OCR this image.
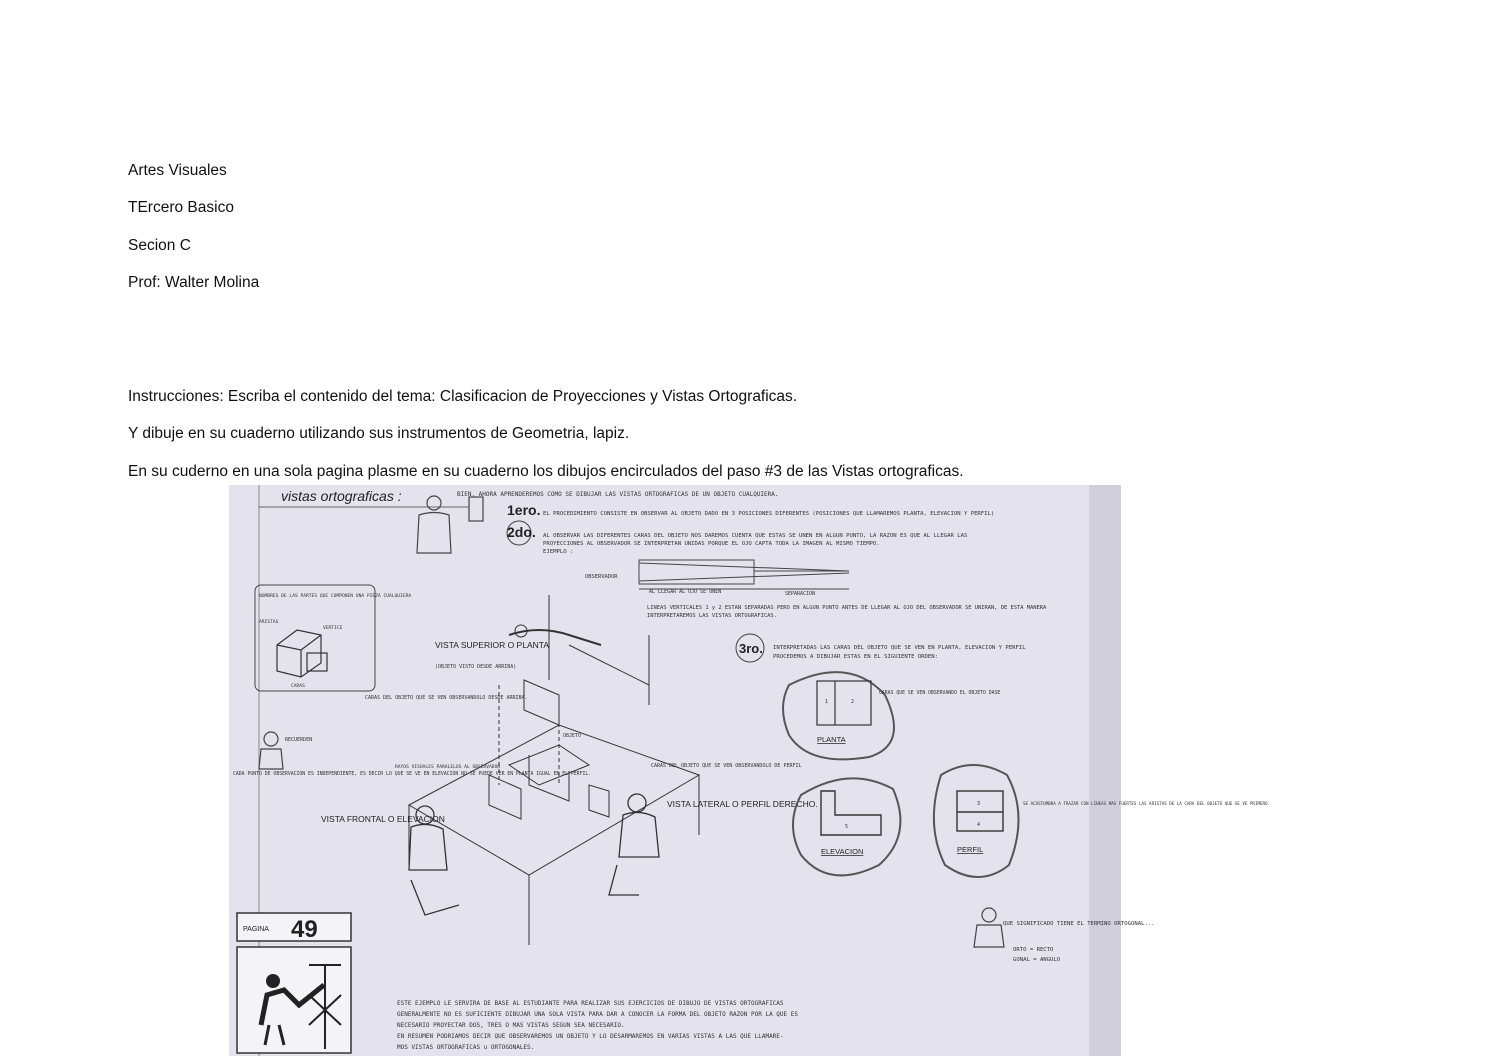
Artes Visuales
TErcero Basico
Secion C
Prof: Walter Molina
Instrucciones: Escriba el contenido del tema: Clasificacion de Proyecciones y Vistas Ortograficas.
Y dibuje en su cuaderno utilizando sus instrumentos de Geometria, lapiz.
En su cuderno en una sola pagina plasme en su cuaderno los dibujos encirculados del paso #3 de las Vistas ortograficas.
vistas ortograficas :	BIEN, AHORA APRENDEREMOS COMO SE DIBUJAR LAS VISTAS ORTOGRAFICAS DE UN OBJETO CUALQUIERA.
1ero. EL PROCEDIMIENTO CONSISTE EN OBSERVAR AL OBJETO DADO EN 3 POSICIONES DIFERENTES (POSICIONES QUE LLAMAREMOS PLANTA, ELEVACION Y PERFIL)
2do. AL OBSERVAR LAS DIFERENTES CARAS DEL OBJETO NOS DAREMOS CUENTA QUE ESTAS SE UNEN EN ALGUN PUNTO, LA RAZON ES QUE AL LLEGAR LAS
PROYECCIONES AL OBSERVADOR SE INTERPRETAN UNIDAS PORQUE EL OJO CAPTA TODA LA IMAGEN AL MISMO TIEMPO.
EJEMPLO :
OBSERVADOR
AL LLEGAR AL OJO SE UNEN	SEPARACION
LINEAS VERTICALES 1 y 2 ESTAN SEPARADAS PERO EN ALGUN PUNTO ANTES DE LLEGAR AL OJO DEL OBSERVADOR SE UNIRAN, DE ESTA MANERA
INTERPRETAREMOS LAS VISTAS ORTOGRAFICAS.
NOMBRES DE LAS PARTES QUE COMPONEN UNA PIEZA CUALQUIERA
ARISTAS
VERTICE
CARAS
3ro. INTERPRETADAS LAS CARAS DEL OBJETO QUE SE VEN EN PLANTA, ELEVACION Y PERFIL
PROCEDEMOS A DIBUJAR ESTAS EN EL SIGUIENTE ORDEN:
VISTA SUPERIOR O PLANTA
(OBJETO VISTO DESDE ARRIBA)
CARAS DEL OBJETO QUE SE VEN OBSERVANDOLO DESDE ARRIBA.
OBJETO
RECUERDEN
CADA PUNTO DE OBSERVACION ES INDEPENDIENTE, ES DECIR LO QUE SE VE EN ELEVACION NO SE PUEDE VER EN PLANTA IGUAL EN EL PERFIL.
RAYOS VISUALES PARALELOS AL OBSERVADOR	CARAS DEL OBJETO QUE SE VEN OBSERVANDOLO DE PERFIL
VISTA FRONTAL O ELEVACION
VISTA LATERAL O PERFIL DERECHO.
1	2
CARAS QUE SE VEN OBSERVANDO EL OBJETO DASE
PLANTA
5
ELEVACION
3
4
PERFIL
SE ACOSTUMBRA A TRAZAR CON LINEAS MAS FUERTES LAS ARISTAS DE LA CARA DEL OBJETO QUE SE VE PRIMERO.
PAGINA 49	QUE SIGNIFICADO TIENE EL TERMINO ORTOGONAL...
ORTO = RECTO
GONAL = ANGULO
ESTE EJEMPLO LE SERVIRA DE BASE AL ESTUDIANTE PARA REALIZAR SUS EJERCICIOS DE DIBUJO DE VISTAS ORTOGRAFICAS
GENERALMENTE NO ES SUFICIENTE DIBUJAR UNA SOLA VISTA PARA DAR A CONOCER LA FORMA DEL OBJETO RAZON POR LA QUE ES
NECESARIO PROYECTAR DOS, TRES O MAS VISTAS SEGUN SEA NECESARIO.
EN RESUMEN PODRIAMOS DECIR QUE OBSERVAREMOS UN OBJETO Y LO DESARMAREMOS EN VARIAS VISTAS A LAS QUE LLAMARE-
MOS VISTAS ORTOGRAFICAS u ORTOGONALES.
